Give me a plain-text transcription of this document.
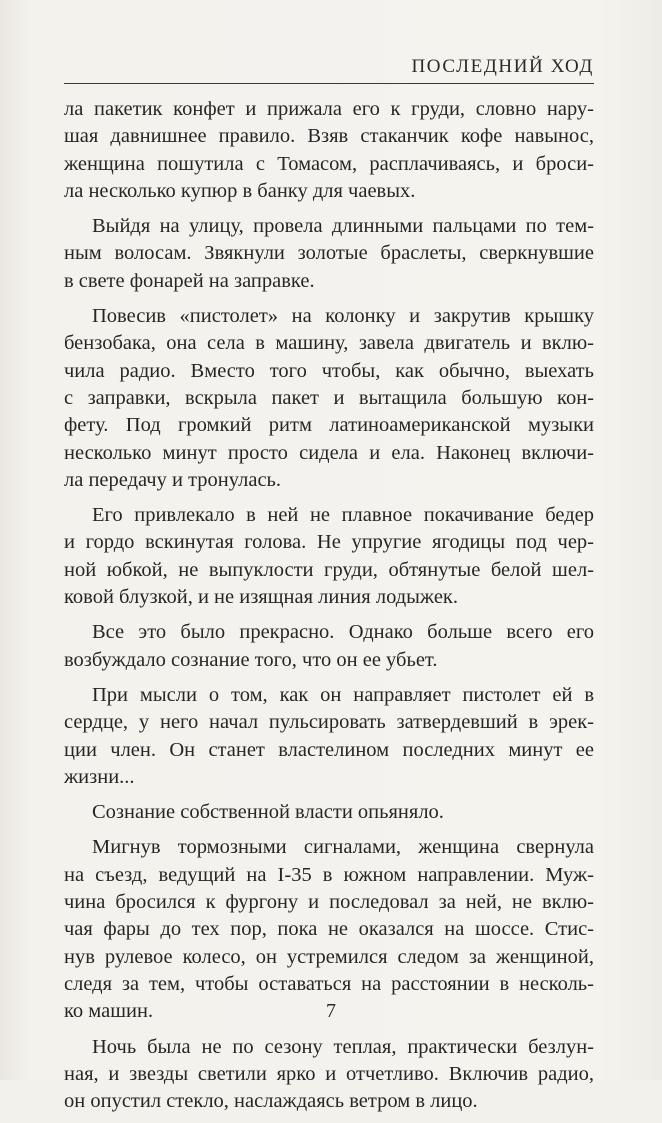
ПОСЛЕДНИЙ ХОД

ла пакетик конфет и прижала его к груди, словно нару-
шая давнишнее правило. Взяв стаканчик кофе навынос,
женщина пошутила с Томасом, расплачиваясь, и броси-
ла несколько купюр в банку для чаевых.

Выйдя на улицу, провела длинными пальцами по тем-
ным волосам. Звякнули золотые браслеты, сверкнувшие
в свете фонарей на заправке.

Повесив «пистолет» на колонку и закрутив крышку
бензобака, она села в машину, завела двигатель и вклю-
чила радио. Вместо того чтобы, как обычно, выехать
с заправки, вскрыла пакет и вытащила большую кон-
фету. Под громкий ритм латиноамериканской музыки
несколько минут просто сидела и ела. Наконец включи-
ла передачу и тронулась.

Его привлекало в ней не плавное покачивание бедер
и гордо вскинутая голова. Не упругие ягодицы под чер-
ной юбкой, не выпуклости груди, обтянутые белой шел-
ковой блузкой, и не изящная линия лодыжек.

Все это было прекрасно. Однако больше всего его
возбуждало сознание того, что он ее убьет.

При мысли о том, как он направляет пистолет ей в
сердце, у него начал пульсировать затвердевший в эрек-
ции член. Он станет властелином последних минут ее
жизни...

Сознание собственной власти опьяняло.

Мигнув тормозными сигналами, женщина свернула
на съезд, ведущий на I-35 в южном направлении. Муж-
чина бросился к фургону и последовал за ней, не вклю-
чая фары до тех пор, пока не оказался на шоссе. Стис-
нув рулевое колесо, он устремился следом за женщиной,
следя за тем, чтобы оставаться на расстоянии в несколь-
ко машин.

Ночь была не по сезону теплая, практически безлун-
ная, и звезды светили ярко и отчетливо. Включив радио,
он опустил стекло, наслаждаясь ветром в лицо.

7
